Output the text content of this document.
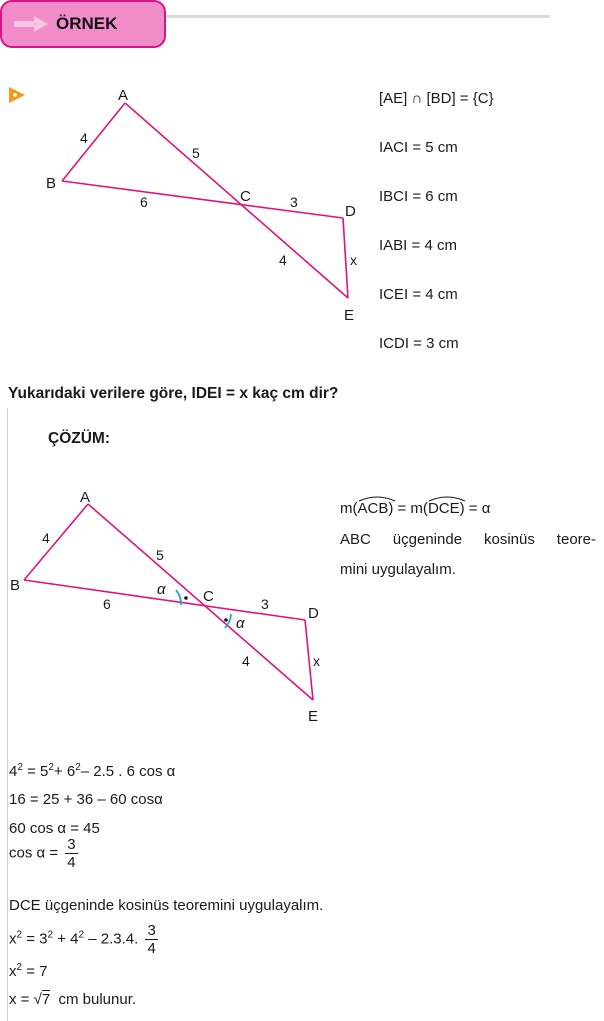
ÖRNEK
A
B
C
D
E
4
5
6	3
4	x
[AE] ∩ [BD] = {C}
IACI = 5 cm
IBCI = 6 cm
IABI = 4 cm
ICEI = 4 cm
ICDI = 3 cm
Yukarıdaki verilere göre, IDEI = x kaç cm dir?
ÇÖZÜM:
A
B
C
D
E
4
5
6	3
4	x
α
α
m(
ACB) = m(
DCE) = α
ABC üçgeninde kosinüs teore-
mini uygulayalım.
$4^2 = 5^2+ 6^2-$ 2.5 . 6 cos α
16 = 25 + 36 – 60 cosα
60 cos α = 45
$\cos \alpha = \frac{3}{4}$
DCE üçgeninde kosinüs teoremini uygulayalım.
$x^2 = 3^2 + 4^2 - 2.3.4$. $\frac{3}{4}$
$x^2 = 7$
x = √7  cm bulunur.
